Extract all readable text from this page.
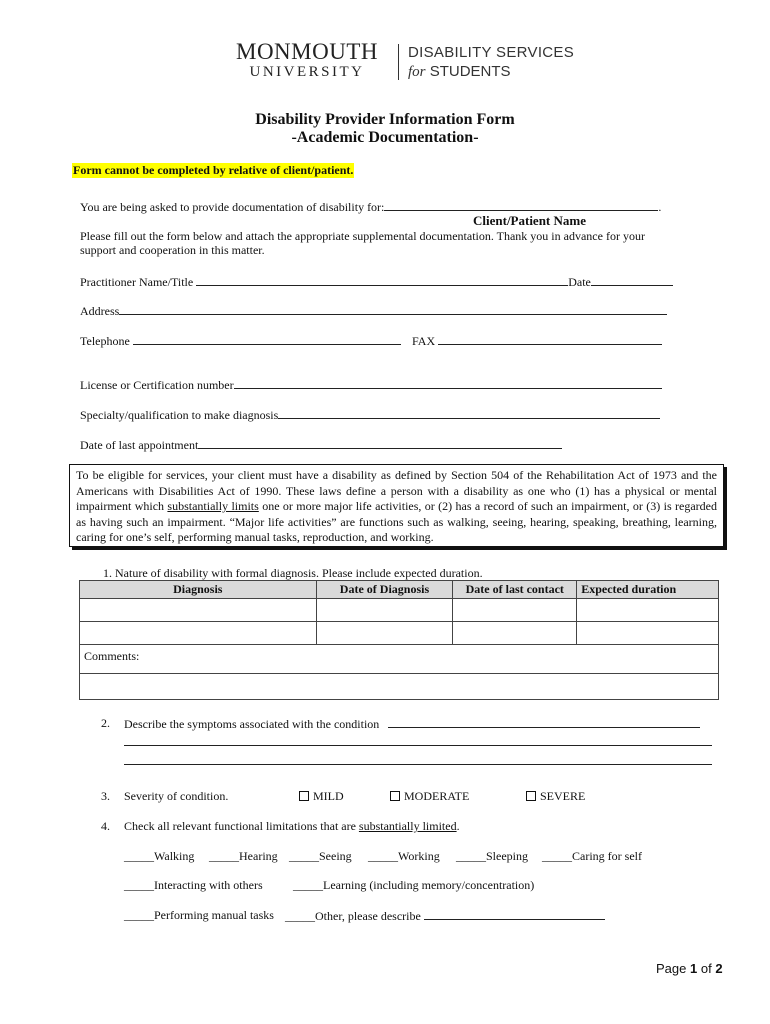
MONMOUTH
UNIVERSITY
DISABILITY SERVICES
for STUDENTS
Disability Provider Information Form
-Academic Documentation-
Form cannot be completed by relative of client/patient.
You are being asked to provide documentation of disability for:	.
Client/Patient Name
Please fill out the form below and attach the appropriate supplemental documentation. Thank you in advance for your
support and cooperation in this matter.
Practitioner Name/Title	Date
Address
Telephone	FAX
License or Certification number
Specialty/qualification to make diagnosis
Date of last appointment
To be eligible for services, your client must have a disability as defined by Section 504 of the Rehabilitation Act of 1973 and the Americans with Disabilities Act of 1990. These laws define a person with a disability as one who (1) has a physical or mental impairment which substantially limits one or more major life activities, or (2) has a record of such an impairment, or (3) is regarded as having such an impairment. “Major life activities” are functions such as walking, seeing, hearing, speaking, breathing, learning, caring for one’s self, performing manual tasks, reproduction, and working.
1. Nature of disability with formal diagnosis. Please include expected duration.
Diagnosis	Date of Diagnosis	Date of last contact	Expected duration

Comments:			

2. Describe the symptoms associated with the condition
3. Severity of condition.	MILD	MODERATE	SEVERE
4. Check all relevant functional limitations that are substantially limited.
_____Walking _____Hearing _____Seeing _____Working _____Sleeping _____Caring for self
_____Interacting with others	_____Learning (including memory/concentration)
_____Performing manual tasks _____Other, please describe
Page 1 of 2
